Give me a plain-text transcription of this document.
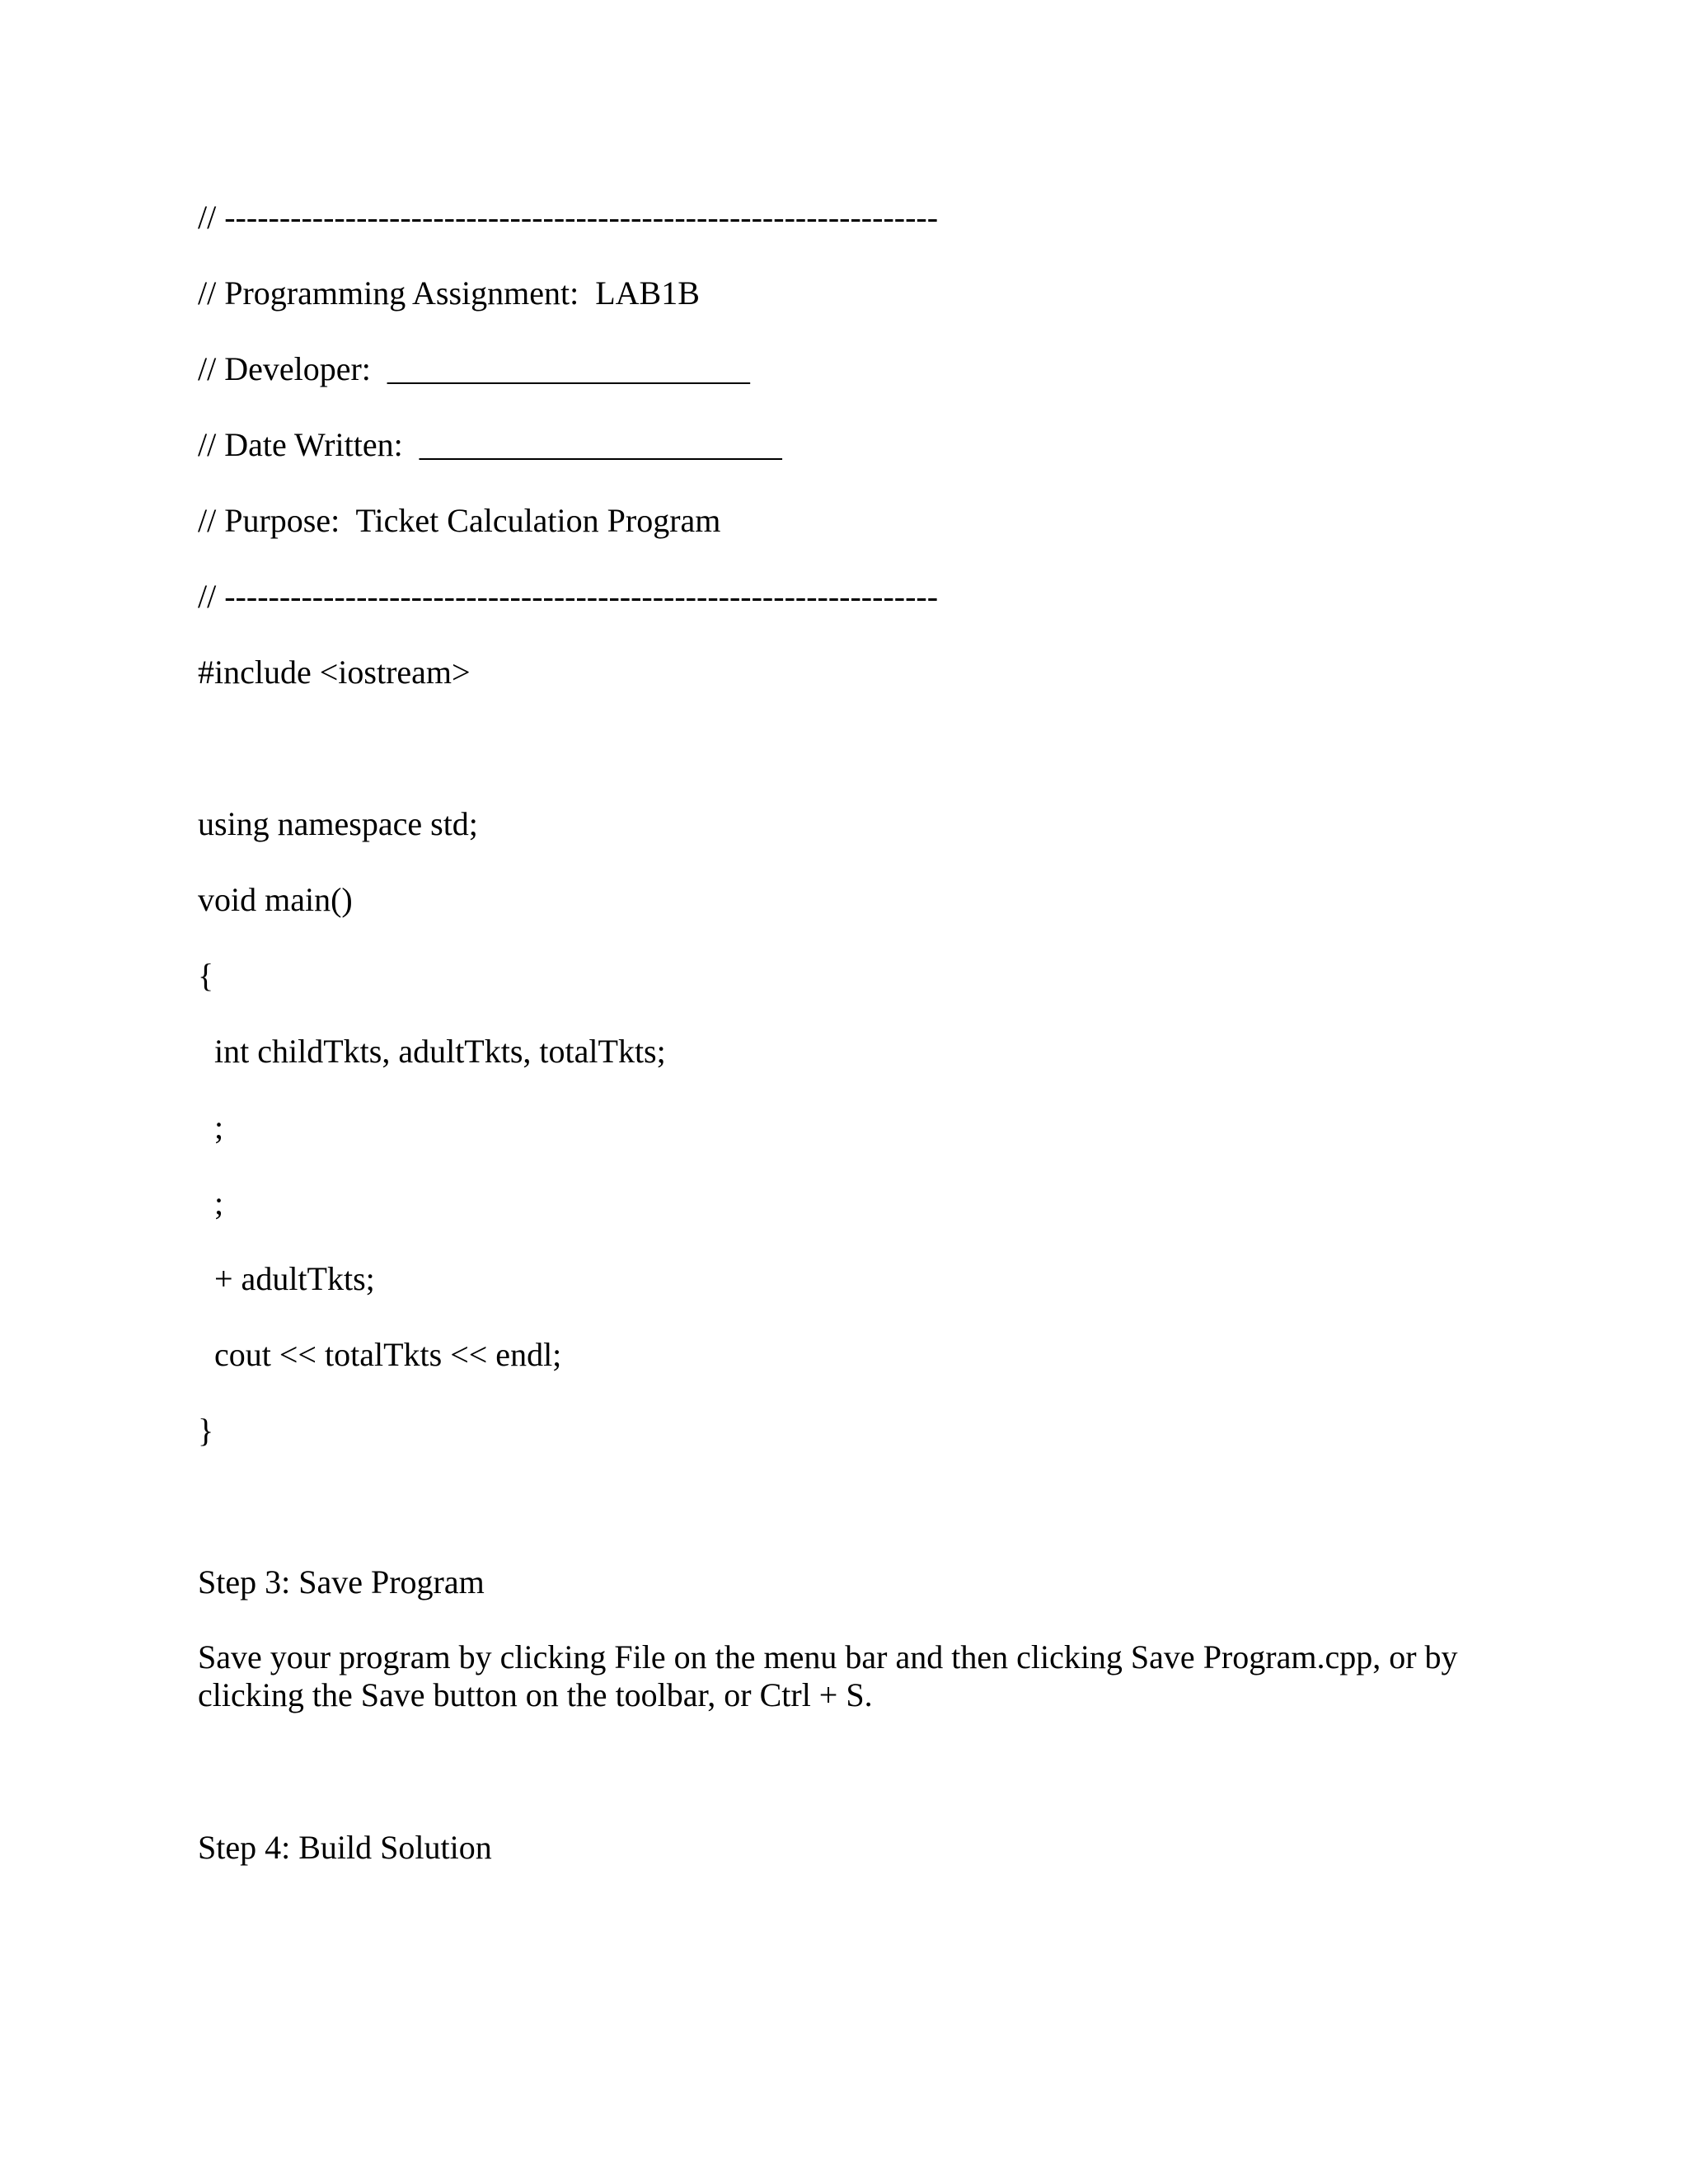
// -----------------------------------------------------------------
// Programming Assignment:  LAB1B
// Developer:  ______________________
// Date Written:  ______________________
// Purpose:  Ticket Calculation Program
// -----------------------------------------------------------------
#include <iostream>
using namespace std;
void main()
{
int childTkts, adultTkts, totalTkts;
;
;
+ adultTkts;
cout << totalTkts << endl;
}
Step 3: Save Program
Save your program by clicking File on the menu bar and then clicking Save Program.cpp, or by clicking the Save button on the toolbar, or Ctrl + S.
Step 4: Build Solution
